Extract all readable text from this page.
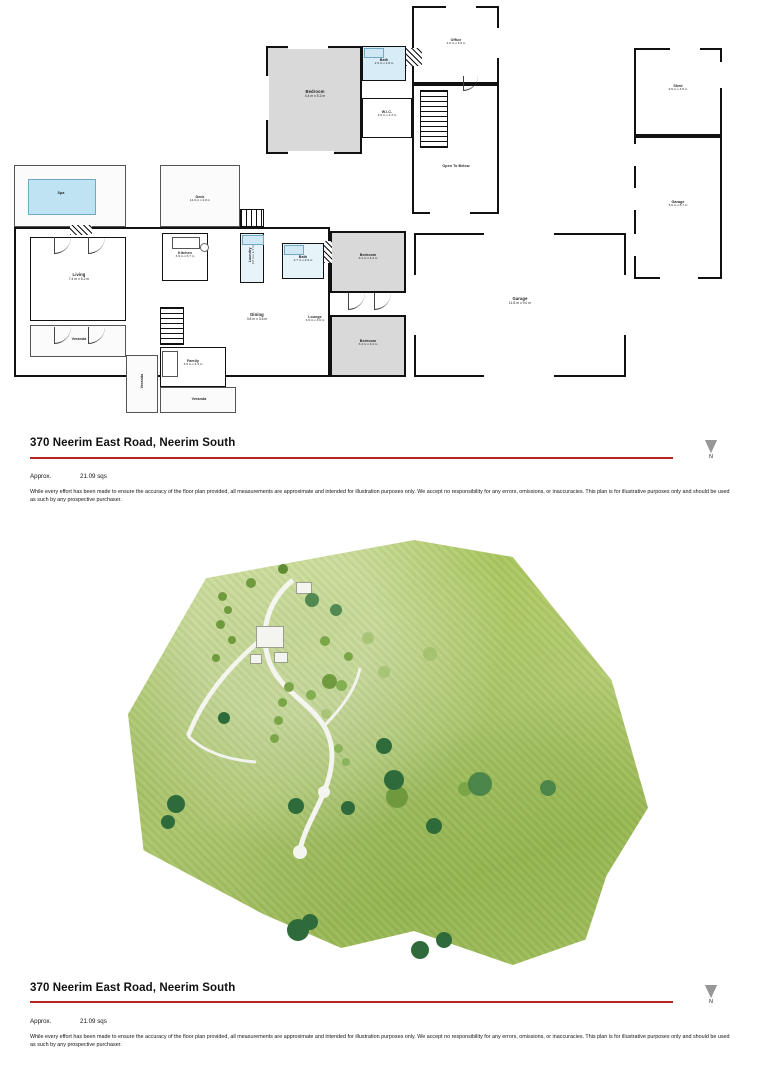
Office
4.0 m x 3.6 m
Bedroom
4.4 m x 5.2 m
Bath
2.9 m x 1.8 m
W.I.C.
2.9 m x 2.3 m
Open To Below
Shed
9.5 m x 3.8 m
Garage
5.5 m x 8.7 m
Spa
Deck
14.0 m x 4.8 m
Living
7.4 m x 5.2 m
Veranda
Kitchen
3.9 m x 5.7 m	Laundry 3.2 m x 1.7 m	Bath
2.7 m x 2.9 m
Dining
3.8 m x 3.6 m	Lounge
3.9 m x 3.6 m
Bedroom
3.4 m x 4.2 m
Bedroom
3.4 m x 4.2 m
Family
3.9 m x 4.3 m
Veranda
Veranda
Garage
11.8 m x 9.0 m
370 Neerim East Road, Neerim South
Approx.	21.09 sqs
While every effort has been made to ensure the accuracy of the floor plan provided, all measurements are approximate and intended for illustration purposes only. We accept no responsibility for any errors, omissions, or inaccuracies. This plan is for illustrative purposes only and should be used as such by any prospective purchaser.
N
370 Neerim East Road, Neerim South
Approx.	21.09 sqs
While every effort has been made to ensure the accuracy of the floor plan provided, all measurements are approximate and intended for illustration purposes only. We accept no responsibility for any errors, omissions, or inaccuracies. This plan is for illustrative purposes only and should be used as such by any prospective purchaser.
N
